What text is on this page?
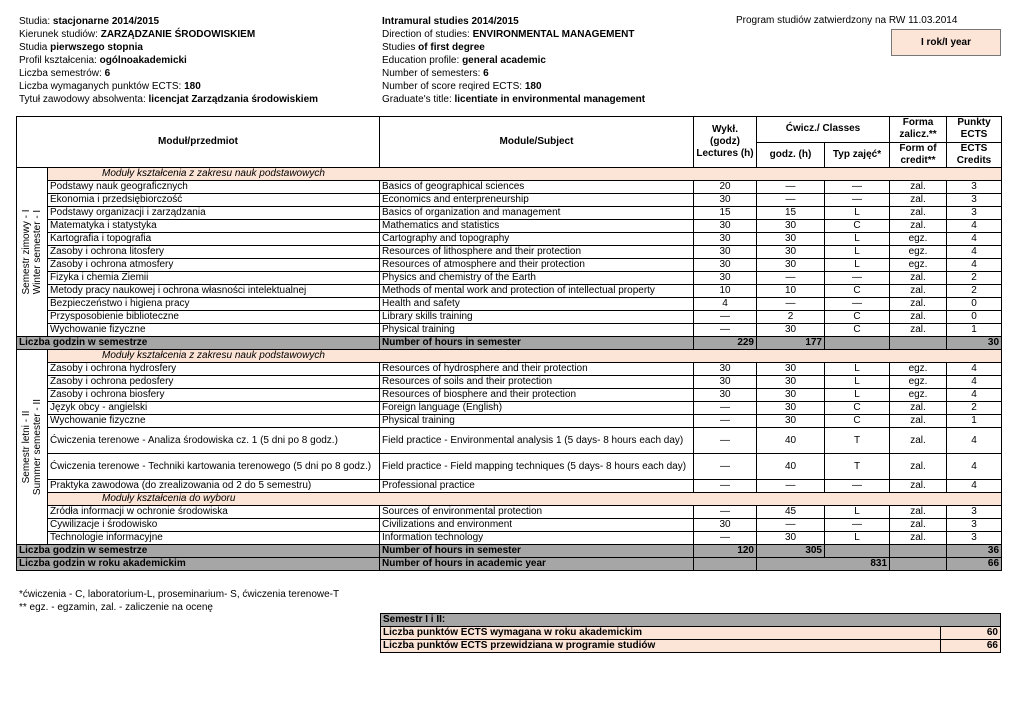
Studia: stacjonarne 2014/2015
Kierunek studiów: ZARZĄDZANIE ŚRODOWISKIEM
Studia pierwszego stopnia
Profil kształcenia: ogólnoakademicki
Liczba semestrów: 6
Liczba wymaganych punktów ECTS: 180
Tytuł zawodowy absolwenta: licencjat Zarządzania środowiskiem
Intramural studies 2014/2015
Direction of studies: ENVIRONMENTAL MANAGEMENT
Studies of first degree
Education profile: general academic
Number of semesters: 6
Number of score reqired ECTS: 180
Graduate's title: licentiate in environmental management
Program studiów zatwierdzony na RW 11.03.2014
I rok/I year
Moduł/przedmiot		Module/Subject	Wykł. (godz) Lectures (h)	Ćwicz./ Classes		Forma zalicz.**	Punkty ECTS
				godz. (h)	Typ zajęć*	Form of credit**	ECTS Credits

Semestr zimowy - I Winter semester - I	Moduły kształcenia z zakresu nauk podstawowych						
	Podstawy nauk geograficznych	Basics of geographical sciences	20	—	—	zal.	3
	Ekonomia i przedsiębiorczość	Economics and enterpreneurship	30	—	—	zal.	3
	Podstawy organizacji i zarządzania	Basics of organization and management	15	15	L	zal.	3
	Matematyka i statystyka	Mathematics and statistics	30	30	C	zal.	4
	Kartografia i topografia	Cartography and topography	30	30	L	egz.	4
	Zasoby i ochrona litosfery	Resources of lithosphere and their protection	30	30	L	egz.	4
	Zasoby i ochrona atmosfery	Resources of atmosphere and their protection	30	30	L	egz.	4
	Fizyka i chemia Ziemii	Physics and chemistry of the Earth	30	—	—	zal.	2
	Metody pracy naukowej i ochrona własności intelektualnej	Methods of mental work and protection of intellectual property	10	10	C	zal.	2
	Bezpieczeństwo i higiena pracy	Health and safety	4	—	—	zal.	0
	Przysposobienie biblioteczne	Library skills training	—	2	C	zal.	0
	Wychowanie fizyczne	Physical training	—	30	C	zal.	1
Liczba godzin w semestrze		Number of hours in semester	229	177			30

Semestr letni - II Summer semester - II	Moduły kształcenia z zakresu nauk podstawowych						
	Zasoby i ochrona hydrosfery	Resources of hydrosphere and their protection	30	30	L	egz.	4
	Zasoby i ochrona pedosfery	Resources of soils and their protection	30	30	L	egz.	4
	Zasoby i ochrona biosfery	Resources of biosphere and their protection	30	30	L	egz.	4
	Język obcy - angielski	Foreign language (English)	—	30	C	zal.	2
	Wychowanie fizyczne	Physical training	—	30	C	zal.	1
	Ćwiczenia terenowe - Analiza środowiska cz. 1 (5 dni po 8 godz.)	Field practice - Environmental analysis 1 (5 days- 8 hours each day)	—	40	T	zal.	4
	Ćwiczenia terenowe - Techniki kartowania terenowego (5 dni po 8 godz.)	Field practice - Field mapping techniques (5 days- 8 hours each day)	—	40	T	zal.	4
	Praktyka zawodowa (do zrealizowania od 2 do 5 semestru)	Professional practice	—	—	—	zal.	4
	Moduły kształcenia do wyboru						
	Źródła informacji w ochronie środowiska	Sources of environmental protection	—	45	L	zal.	3
	Cywilizacje i środowisko	Civilizations and environment	30	—	—	zal.	3
	Technologie informacyjne	Information technology	—	30	L	zal.	3
Liczba godzin w semestrze		Number of hours in semester	120	305			36
Liczba godzin w roku akademickim		Number of hours in academic year		831			66
*ćwiczenia - C, laboratorium-L, proseminarium- S, ćwiczenia terenowe-T
** egz. - egzamin, zal. - zaliczenie na ocenę
Semestr I i II:	
Liczba punktów ECTS wymagana w roku akademickim	60
Liczba punktów ECTS przewidziana w programie studiów	66
